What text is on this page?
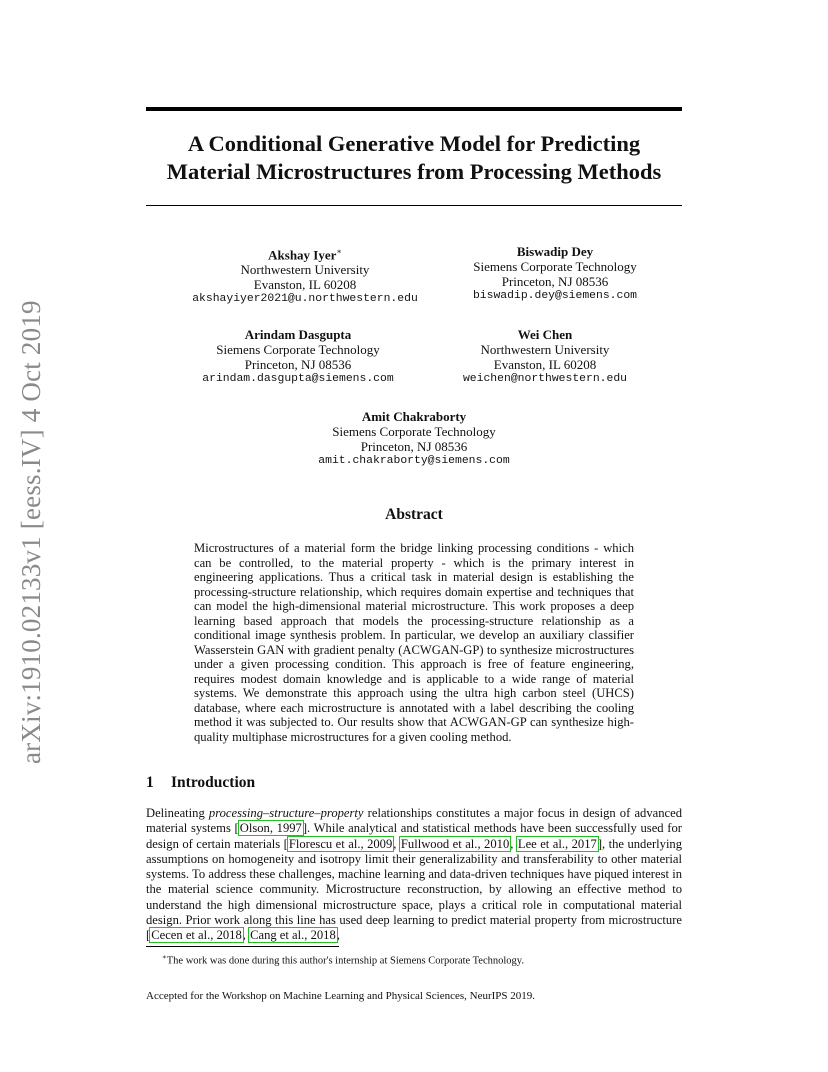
arXiv:1910.02133v1 [eess.IV] 4 Oct 2019
A Conditional Generative Model for Predicting
Material Microstructures from Processing Methods
Akshay Iyer∗
Northwestern University
Evanston, IL 60208
akshayiyer2021@u.northwestern.edu
Biswadip Dey
Siemens Corporate Technology
Princeton, NJ 08536
biswadip.dey@siemens.com
Arindam Dasgupta
Siemens Corporate Technology
Princeton, NJ 08536
arindam.dasgupta@siemens.com
Wei Chen
Northwestern University
Evanston, IL 60208
weichen@northwestern.edu
Amit Chakraborty
Siemens Corporate Technology
Princeton, NJ 08536
amit.chakraborty@siemens.com
Abstract
Microstructures of a material form the bridge linking processing conditions - which can be controlled, to the material property - which is the primary interest in engineering applications. Thus a critical task in material design is establishing the processing-structure relationship, which requires domain expertise and techniques that can model the high-dimensional material microstructure. This work proposes a deep learning based approach that models the processing-structure relationship as a conditional image synthesis problem. In particular, we develop an auxiliary classifier Wasserstein GAN with gradient penalty (ACWGAN-GP) to synthesize microstructures under a given processing condition. This approach is free of feature engineering, requires modest domain knowledge and is applicable to a wide range of material systems. We demonstrate this approach using the ultra high carbon steel (UHCS) database, where each microstructure is annotated with a label describing the cooling method it was subjected to. Our results show that ACWGAN-GP can synthesize high-quality multiphase microstructures for a given cooling method.
1 Introduction
Delineating processing–structure–property relationships constitutes a major focus in design of advanced material systems [Olson, 1997]. While analytical and statistical methods have been successfully used for design of certain materials [Florescu et al., 2009, Fullwood et al., 2010, Lee et al., 2017], the underlying assumptions on homogeneity and isotropy limit their generalizability and transferability to other material systems. To address these challenges, machine learning and data-driven techniques have piqued interest in the material science community. Microstructure reconstruction, by allowing an effective method to understand the high dimensional microstructure space, plays a critical role in computational material design. Prior work along this line has used deep learning to predict material property from microstructure [Cecen et al., 2018, Cang et al., 2018,
∗The work was done during this author's internship at Siemens Corporate Technology.
Accepted for the Workshop on Machine Learning and Physical Sciences, NeurIPS 2019.
